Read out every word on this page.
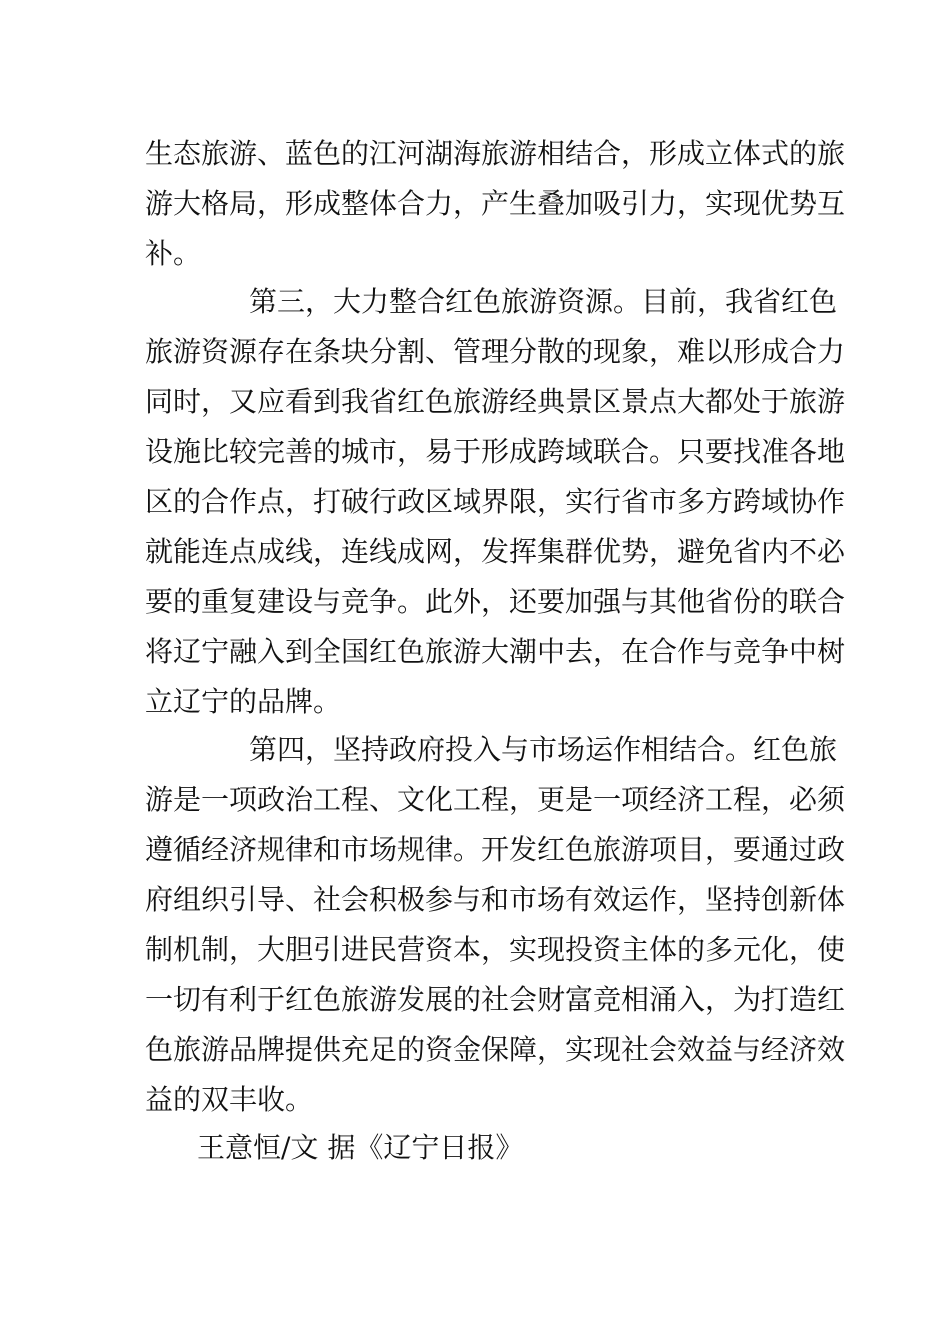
生态旅游、蓝色的江河湖海旅游相结合，形成立体式的旅
游大格局，形成整体合力，产生叠加吸引力，实现优势互
补。
第三，大力整合红色旅游资源。目前，我省红色
旅游资源存在条块分割、管理分散的现象，难以形成合力
同时，又应看到我省红色旅游经典景区景点大都处于旅游
设施比较完善的城市，易于形成跨域联合。只要找准各地
区的合作点，打破行政区域界限，实行省市多方跨域协作
就能连点成线，连线成网，发挥集群优势，避免省内不必
要的重复建设与竞争。此外，还要加强与其他省份的联合
将辽宁融入到全国红色旅游大潮中去，在合作与竞争中树
立辽宁的品牌。
第四，坚持政府投入与市场运作相结合。红色旅
游是一项政治工程、文化工程，更是一项经济工程，必须
遵循经济规律和市场规律。开发红色旅游项目，要通过政
府组织引导、社会积极参与和市场有效运作，坚持创新体
制机制，大胆引进民营资本，实现投资主体的多元化，使
一切有利于红色旅游发展的社会财富竞相涌入，为打造红
色旅游品牌提供充足的资金保障，实现社会效益与经济效
益的双丰收。
王意恒/文 据《辽宁日报》
